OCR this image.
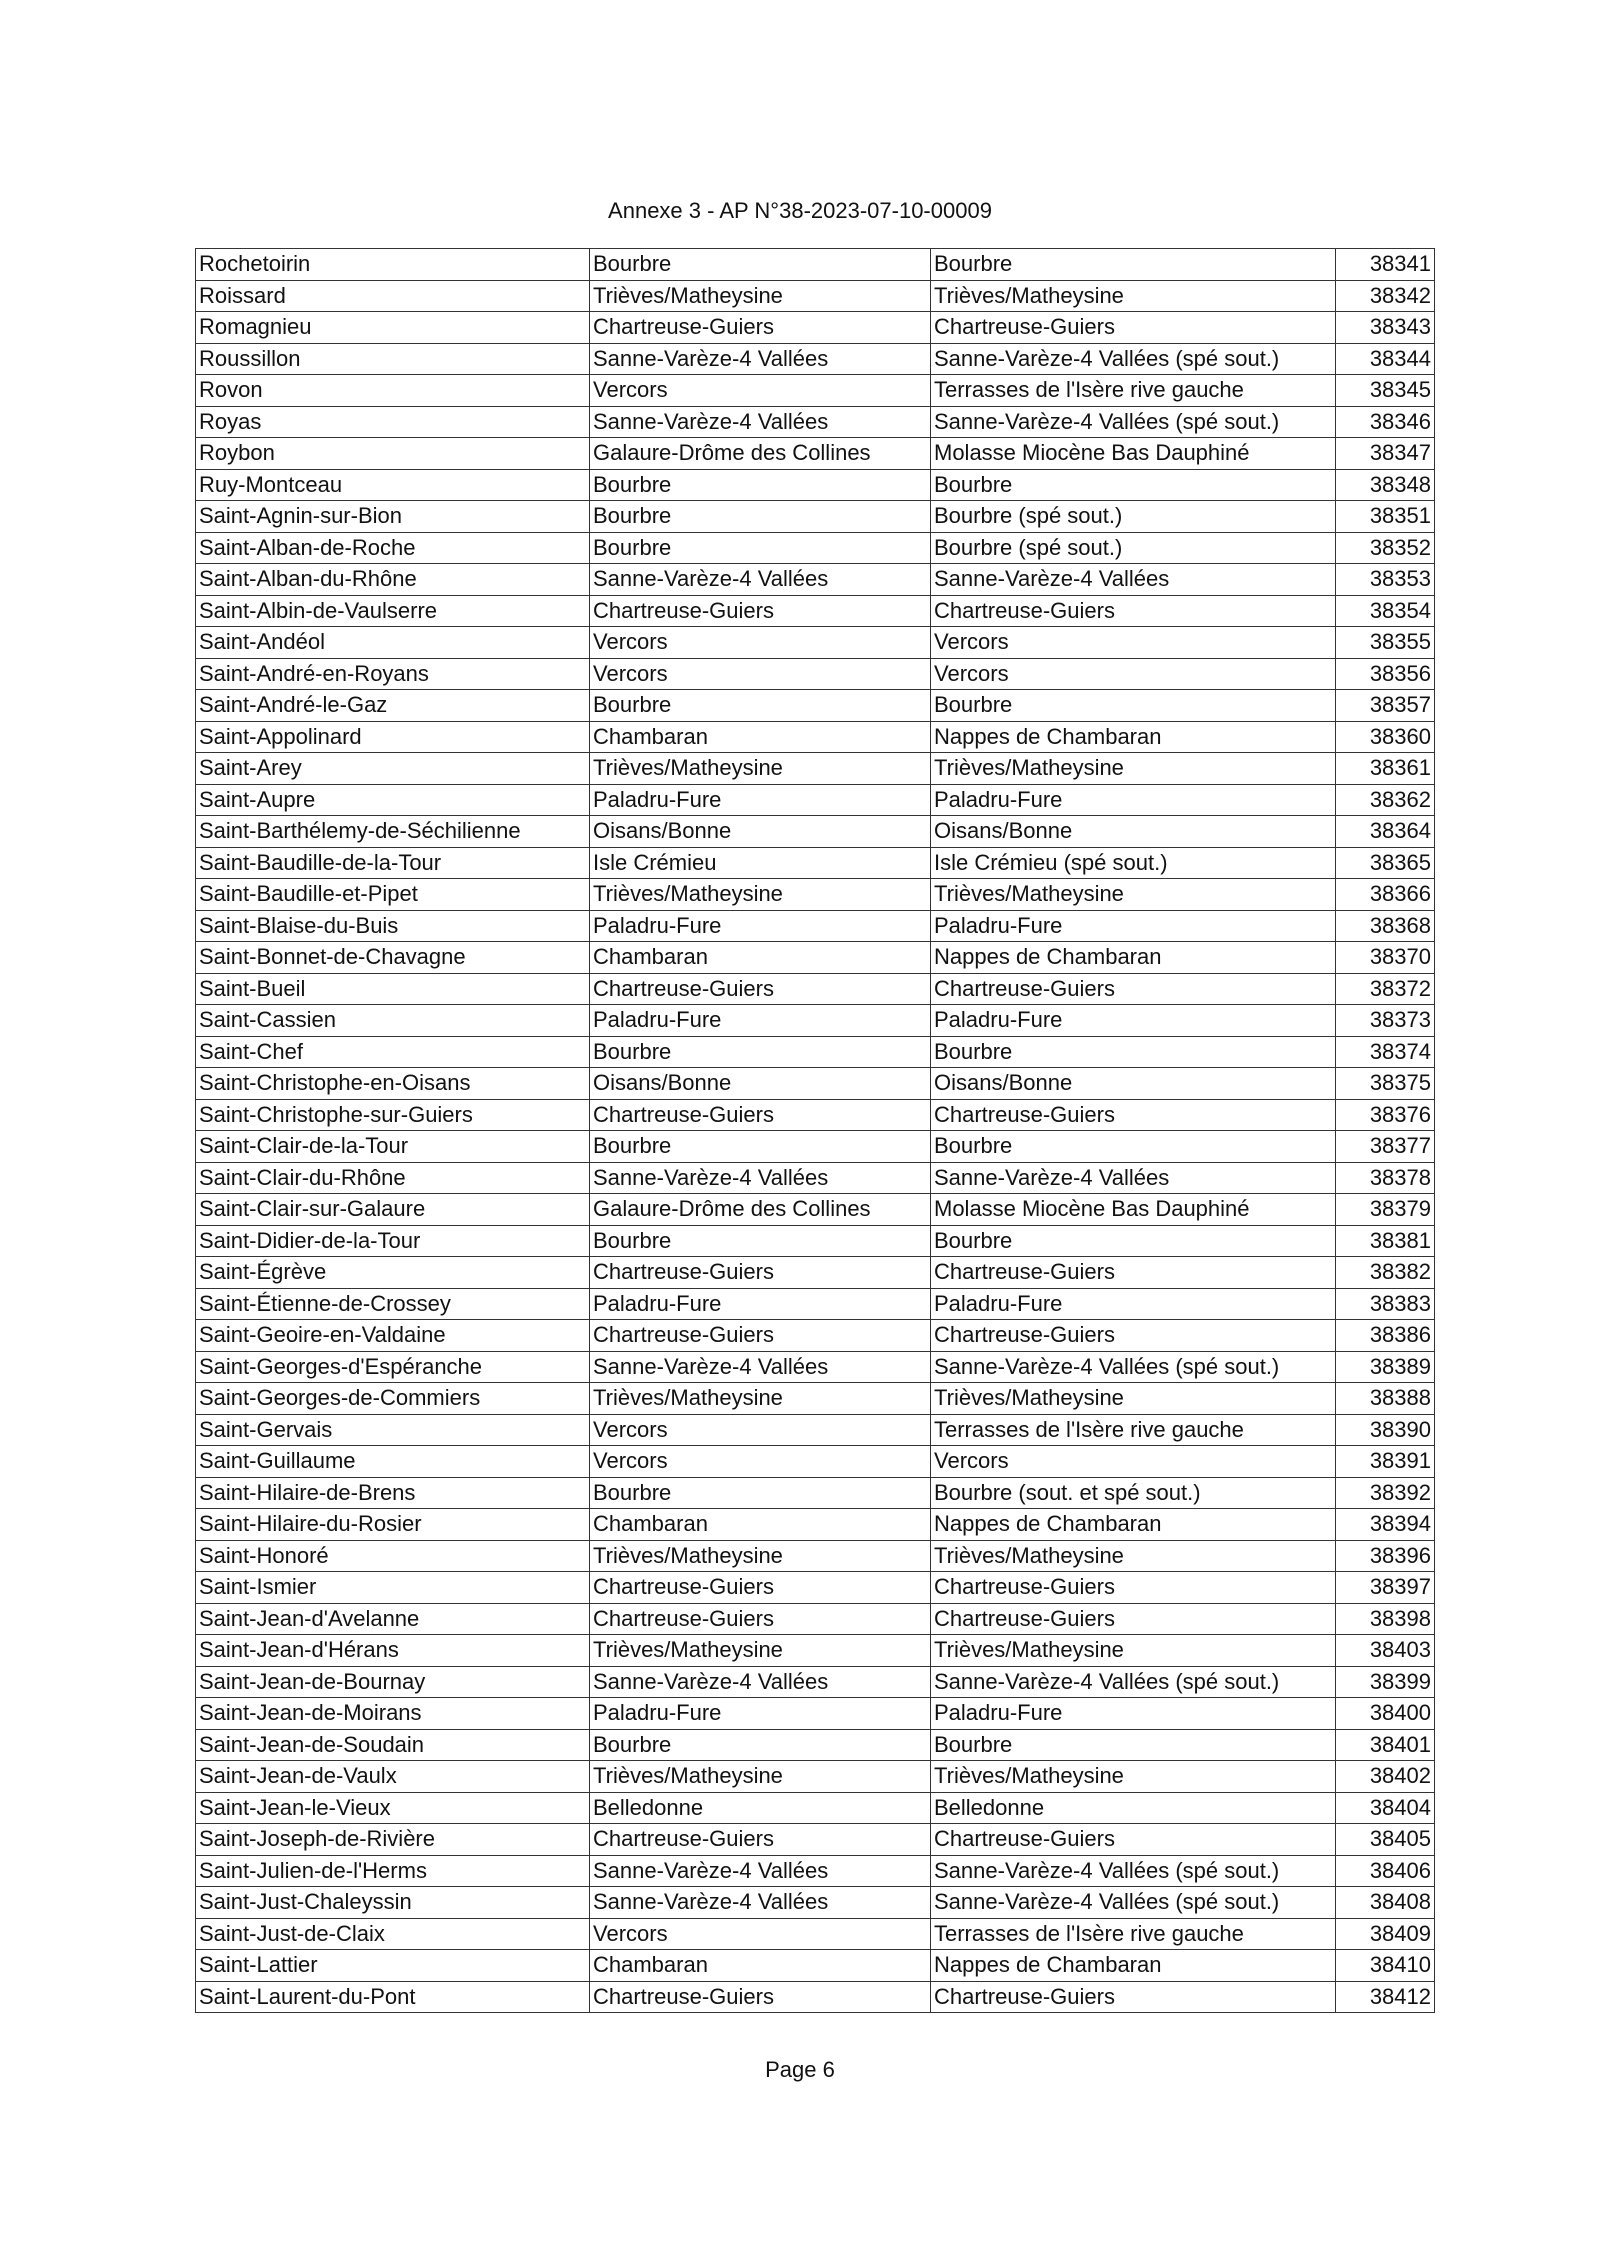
Annexe 3 - AP N°38-2023-07-10-00009
Rochetoirin	Bourbre	Bourbre	38341
Roissard	Trièves/Matheysine	Trièves/Matheysine	38342
Romagnieu	Chartreuse-Guiers	Chartreuse-Guiers	38343
Roussillon	Sanne-Varèze-4 Vallées	Sanne-Varèze-4 Vallées (spé sout.)	38344
Rovon	Vercors	Terrasses de l'Isère rive gauche	38345
Royas	Sanne-Varèze-4 Vallées	Sanne-Varèze-4 Vallées (spé sout.)	38346
Roybon	Galaure-Drôme des Collines	Molasse Miocène Bas Dauphiné	38347
Ruy-Montceau	Bourbre	Bourbre	38348
Saint-Agnin-sur-Bion	Bourbre	Bourbre (spé sout.)	38351
Saint-Alban-de-Roche	Bourbre	Bourbre (spé sout.)	38352
Saint-Alban-du-Rhône	Sanne-Varèze-4 Vallées	Sanne-Varèze-4 Vallées	38353
Saint-Albin-de-Vaulserre	Chartreuse-Guiers	Chartreuse-Guiers	38354
Saint-Andéol	Vercors	Vercors	38355
Saint-André-en-Royans	Vercors	Vercors	38356
Saint-André-le-Gaz	Bourbre	Bourbre	38357
Saint-Appolinard	Chambaran	Nappes de Chambaran	38360
Saint-Arey	Trièves/Matheysine	Trièves/Matheysine	38361
Saint-Aupre	Paladru-Fure	Paladru-Fure	38362
Saint-Barthélemy-de-Séchilienne	Oisans/Bonne	Oisans/Bonne	38364
Saint-Baudille-de-la-Tour	Isle Crémieu	Isle Crémieu (spé sout.)	38365
Saint-Baudille-et-Pipet	Trièves/Matheysine	Trièves/Matheysine	38366
Saint-Blaise-du-Buis	Paladru-Fure	Paladru-Fure	38368
Saint-Bonnet-de-Chavagne	Chambaran	Nappes de Chambaran	38370
Saint-Bueil	Chartreuse-Guiers	Chartreuse-Guiers	38372
Saint-Cassien	Paladru-Fure	Paladru-Fure	38373
Saint-Chef	Bourbre	Bourbre	38374
Saint-Christophe-en-Oisans	Oisans/Bonne	Oisans/Bonne	38375
Saint-Christophe-sur-Guiers	Chartreuse-Guiers	Chartreuse-Guiers	38376
Saint-Clair-de-la-Tour	Bourbre	Bourbre	38377
Saint-Clair-du-Rhône	Sanne-Varèze-4 Vallées	Sanne-Varèze-4 Vallées	38378
Saint-Clair-sur-Galaure	Galaure-Drôme des Collines	Molasse Miocène Bas Dauphiné	38379
Saint-Didier-de-la-Tour	Bourbre	Bourbre	38381
Saint-Égrève	Chartreuse-Guiers	Chartreuse-Guiers	38382
Saint-Étienne-de-Crossey	Paladru-Fure	Paladru-Fure	38383
Saint-Geoire-en-Valdaine	Chartreuse-Guiers	Chartreuse-Guiers	38386
Saint-Georges-d'Espéranche	Sanne-Varèze-4 Vallées	Sanne-Varèze-4 Vallées (spé sout.)	38389
Saint-Georges-de-Commiers	Trièves/Matheysine	Trièves/Matheysine	38388
Saint-Gervais	Vercors	Terrasses de l'Isère rive gauche	38390
Saint-Guillaume	Vercors	Vercors	38391
Saint-Hilaire-de-Brens	Bourbre	Bourbre (sout. et spé sout.)	38392
Saint-Hilaire-du-Rosier	Chambaran	Nappes de Chambaran	38394
Saint-Honoré	Trièves/Matheysine	Trièves/Matheysine	38396
Saint-Ismier	Chartreuse-Guiers	Chartreuse-Guiers	38397
Saint-Jean-d'Avelanne	Chartreuse-Guiers	Chartreuse-Guiers	38398
Saint-Jean-d'Hérans	Trièves/Matheysine	Trièves/Matheysine	38403
Saint-Jean-de-Bournay	Sanne-Varèze-4 Vallées	Sanne-Varèze-4 Vallées (spé sout.)	38399
Saint-Jean-de-Moirans	Paladru-Fure	Paladru-Fure	38400
Saint-Jean-de-Soudain	Bourbre	Bourbre	38401
Saint-Jean-de-Vaulx	Trièves/Matheysine	Trièves/Matheysine	38402
Saint-Jean-le-Vieux	Belledonne	Belledonne	38404
Saint-Joseph-de-Rivière	Chartreuse-Guiers	Chartreuse-Guiers	38405
Saint-Julien-de-l'Herms	Sanne-Varèze-4 Vallées	Sanne-Varèze-4 Vallées (spé sout.)	38406
Saint-Just-Chaleyssin	Sanne-Varèze-4 Vallées	Sanne-Varèze-4 Vallées (spé sout.)	38408
Saint-Just-de-Claix	Vercors	Terrasses de l'Isère rive gauche	38409
Saint-Lattier	Chambaran	Nappes de Chambaran	38410
Saint-Laurent-du-Pont	Chartreuse-Guiers	Chartreuse-Guiers	38412
Page 6
